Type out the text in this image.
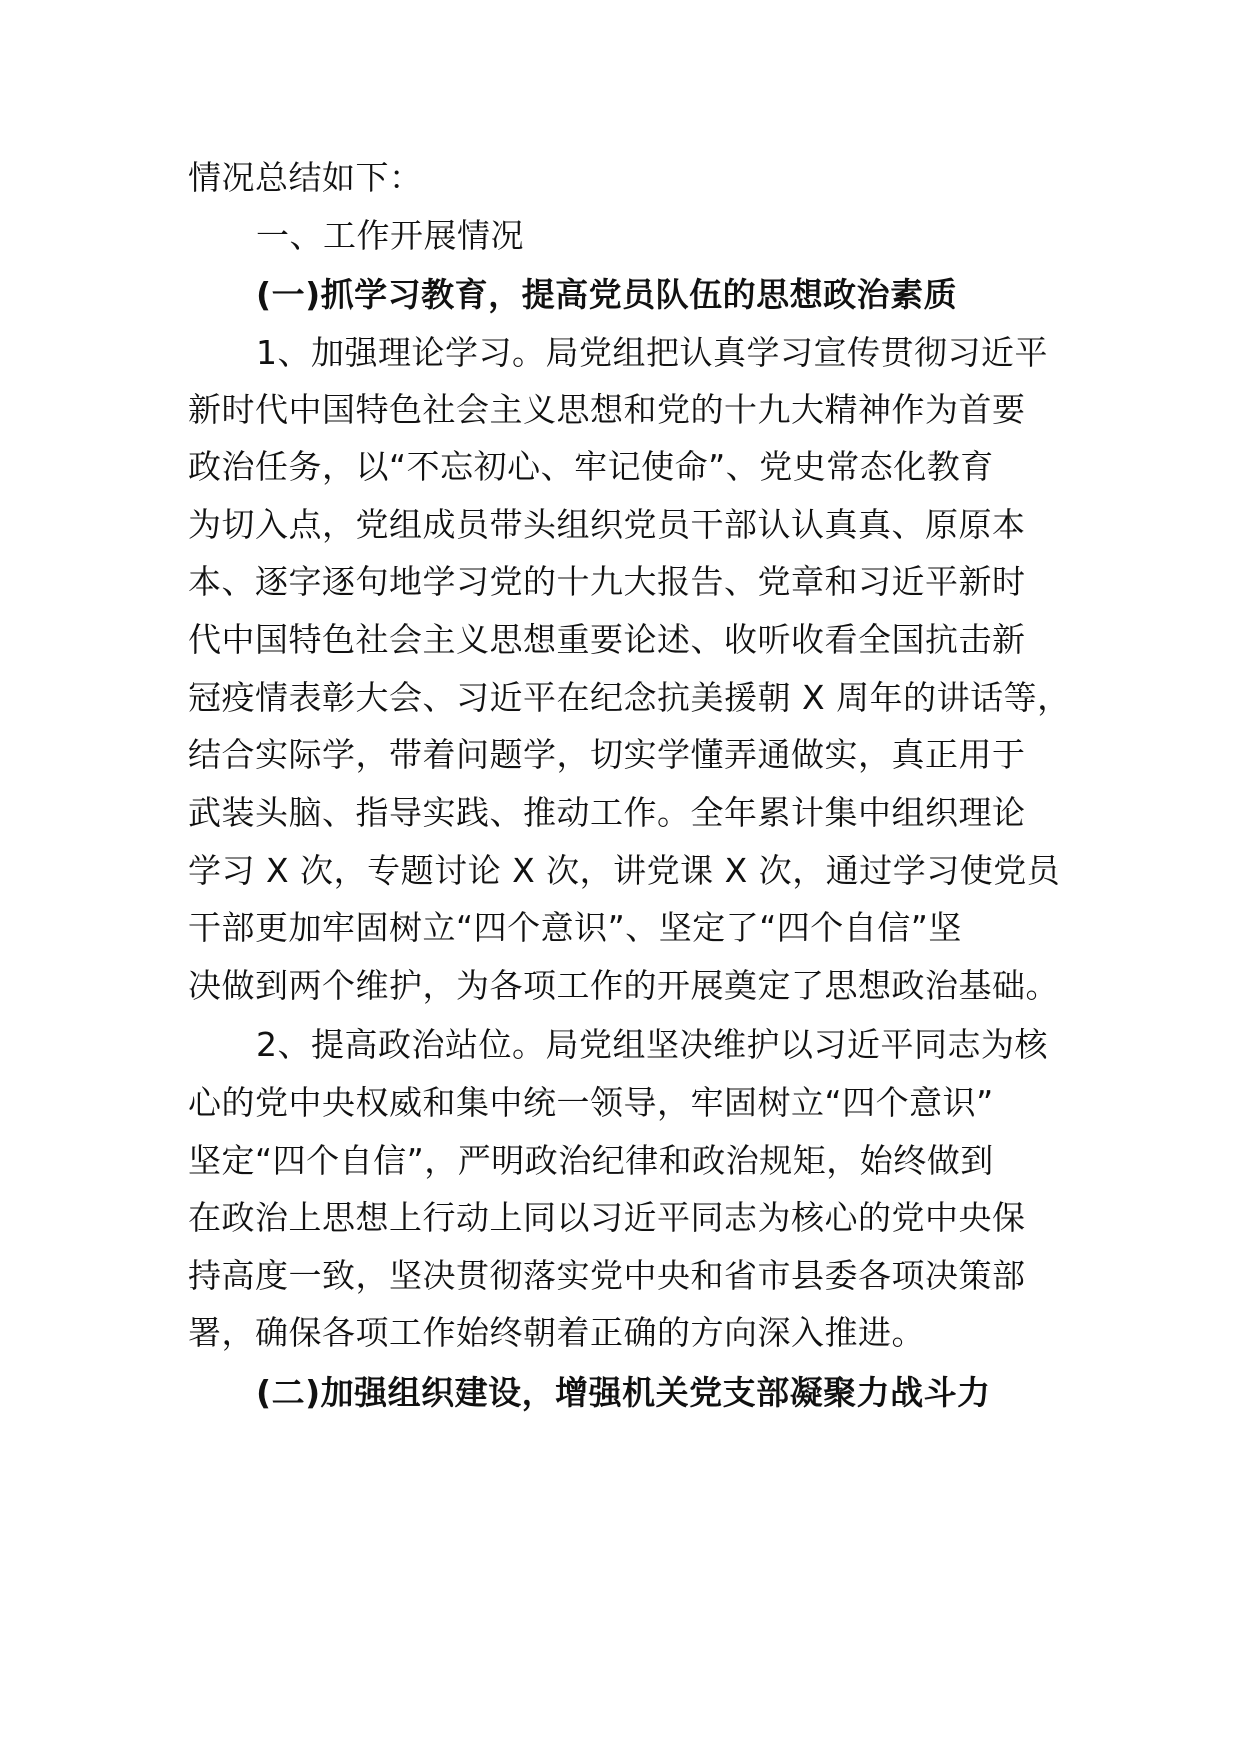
情况总结如下：
一、工作开展情况
(一)抓学习教育，提高党员队伍的思想政治素质
1、加强理论学习。局党组把认真学习宣传贯彻习近平
新时代中国特色社会主义思想和党的十九大精神作为首要
政治任务，以“不忘初心、牢记使命”、党史常态化教育
为切入点，党组成员带头组织党员干部认认真真、原原本
本、逐字逐句地学习党的十九大报告、党章和习近平新时
代中国特色社会主义思想重要论述、收听收看全国抗击新
冠疫情表彰大会、习近平在纪念抗美援朝 X 周年的讲话等，
结合实际学，带着问题学，切实学懂弄通做实，真正用于
武装头脑、指导实践、推动工作。全年累计集中组织理论
学习 X 次，专题讨论 X 次，讲党课 X 次，通过学习使党员
干部更加牢固树立“四个意识”、坚定了“四个自信”坚
决做到两个维护，为各项工作的开展奠定了思想政治基础。
2、提高政治站位。局党组坚决维护以习近平同志为核
心的党中央权威和集中统一领导，牢固树立“四个意识”
坚定“四个自信”，严明政治纪律和政治规矩，始终做到
在政治上思想上行动上同以习近平同志为核心的党中央保
持高度一致，坚决贯彻落实党中央和省市县委各项决策部
署，确保各项工作始终朝着正确的方向深入推进。
(二)加强组织建设，增强机关党支部凝聚力战斗力
